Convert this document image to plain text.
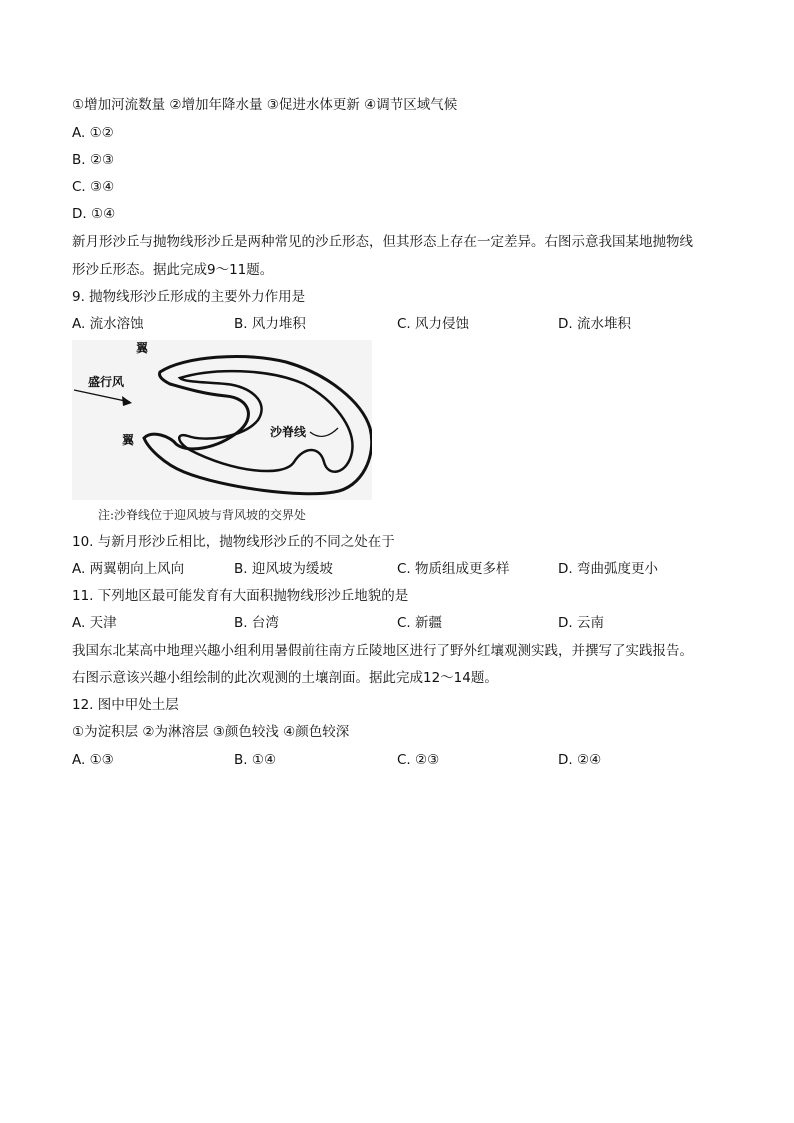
①增加河流数量 ②增加年降水量 ③促进水体更新 ④调节区域气候
A. ①②
B. ②③
C. ③④
D. ①④
新月形沙丘与抛物线形沙丘是两种常见的沙丘形态，但其形态上存在一定差异。右图示意我国某地抛物线
形沙丘形态。据此完成9～11题。
9. 抛物线形沙丘形成的主要外力作用是
A. 流水溶蚀	B. 风力堆积	C. 风力侵蚀	D. 流水堆积
翼
盛行风
翼
沙脊线
注:沙脊线位于迎风坡与背风坡的交界处
10. 与新月形沙丘相比，抛物线形沙丘的不同之处在于
A. 两翼朝向上风向	B. 迎风坡为缓坡	C. 物质组成更多样	D. 弯曲弧度更小
11. 下列地区最可能发育有大面积抛物线形沙丘地貌的是
A. 天津	B. 台湾	C. 新疆	D. 云南
我国东北某高中地理兴趣小组利用暑假前往南方丘陵地区进行了野外红壤观测实践，并撰写了实践报告。
右图示意该兴趣小组绘制的此次观测的土壤剖面。据此完成12～14题。
12. 图中甲处土层
①为淀积层 ②为淋溶层 ③颜色较浅 ④颜色较深
A. ①③	B. ①④	C. ②③	D. ②④
